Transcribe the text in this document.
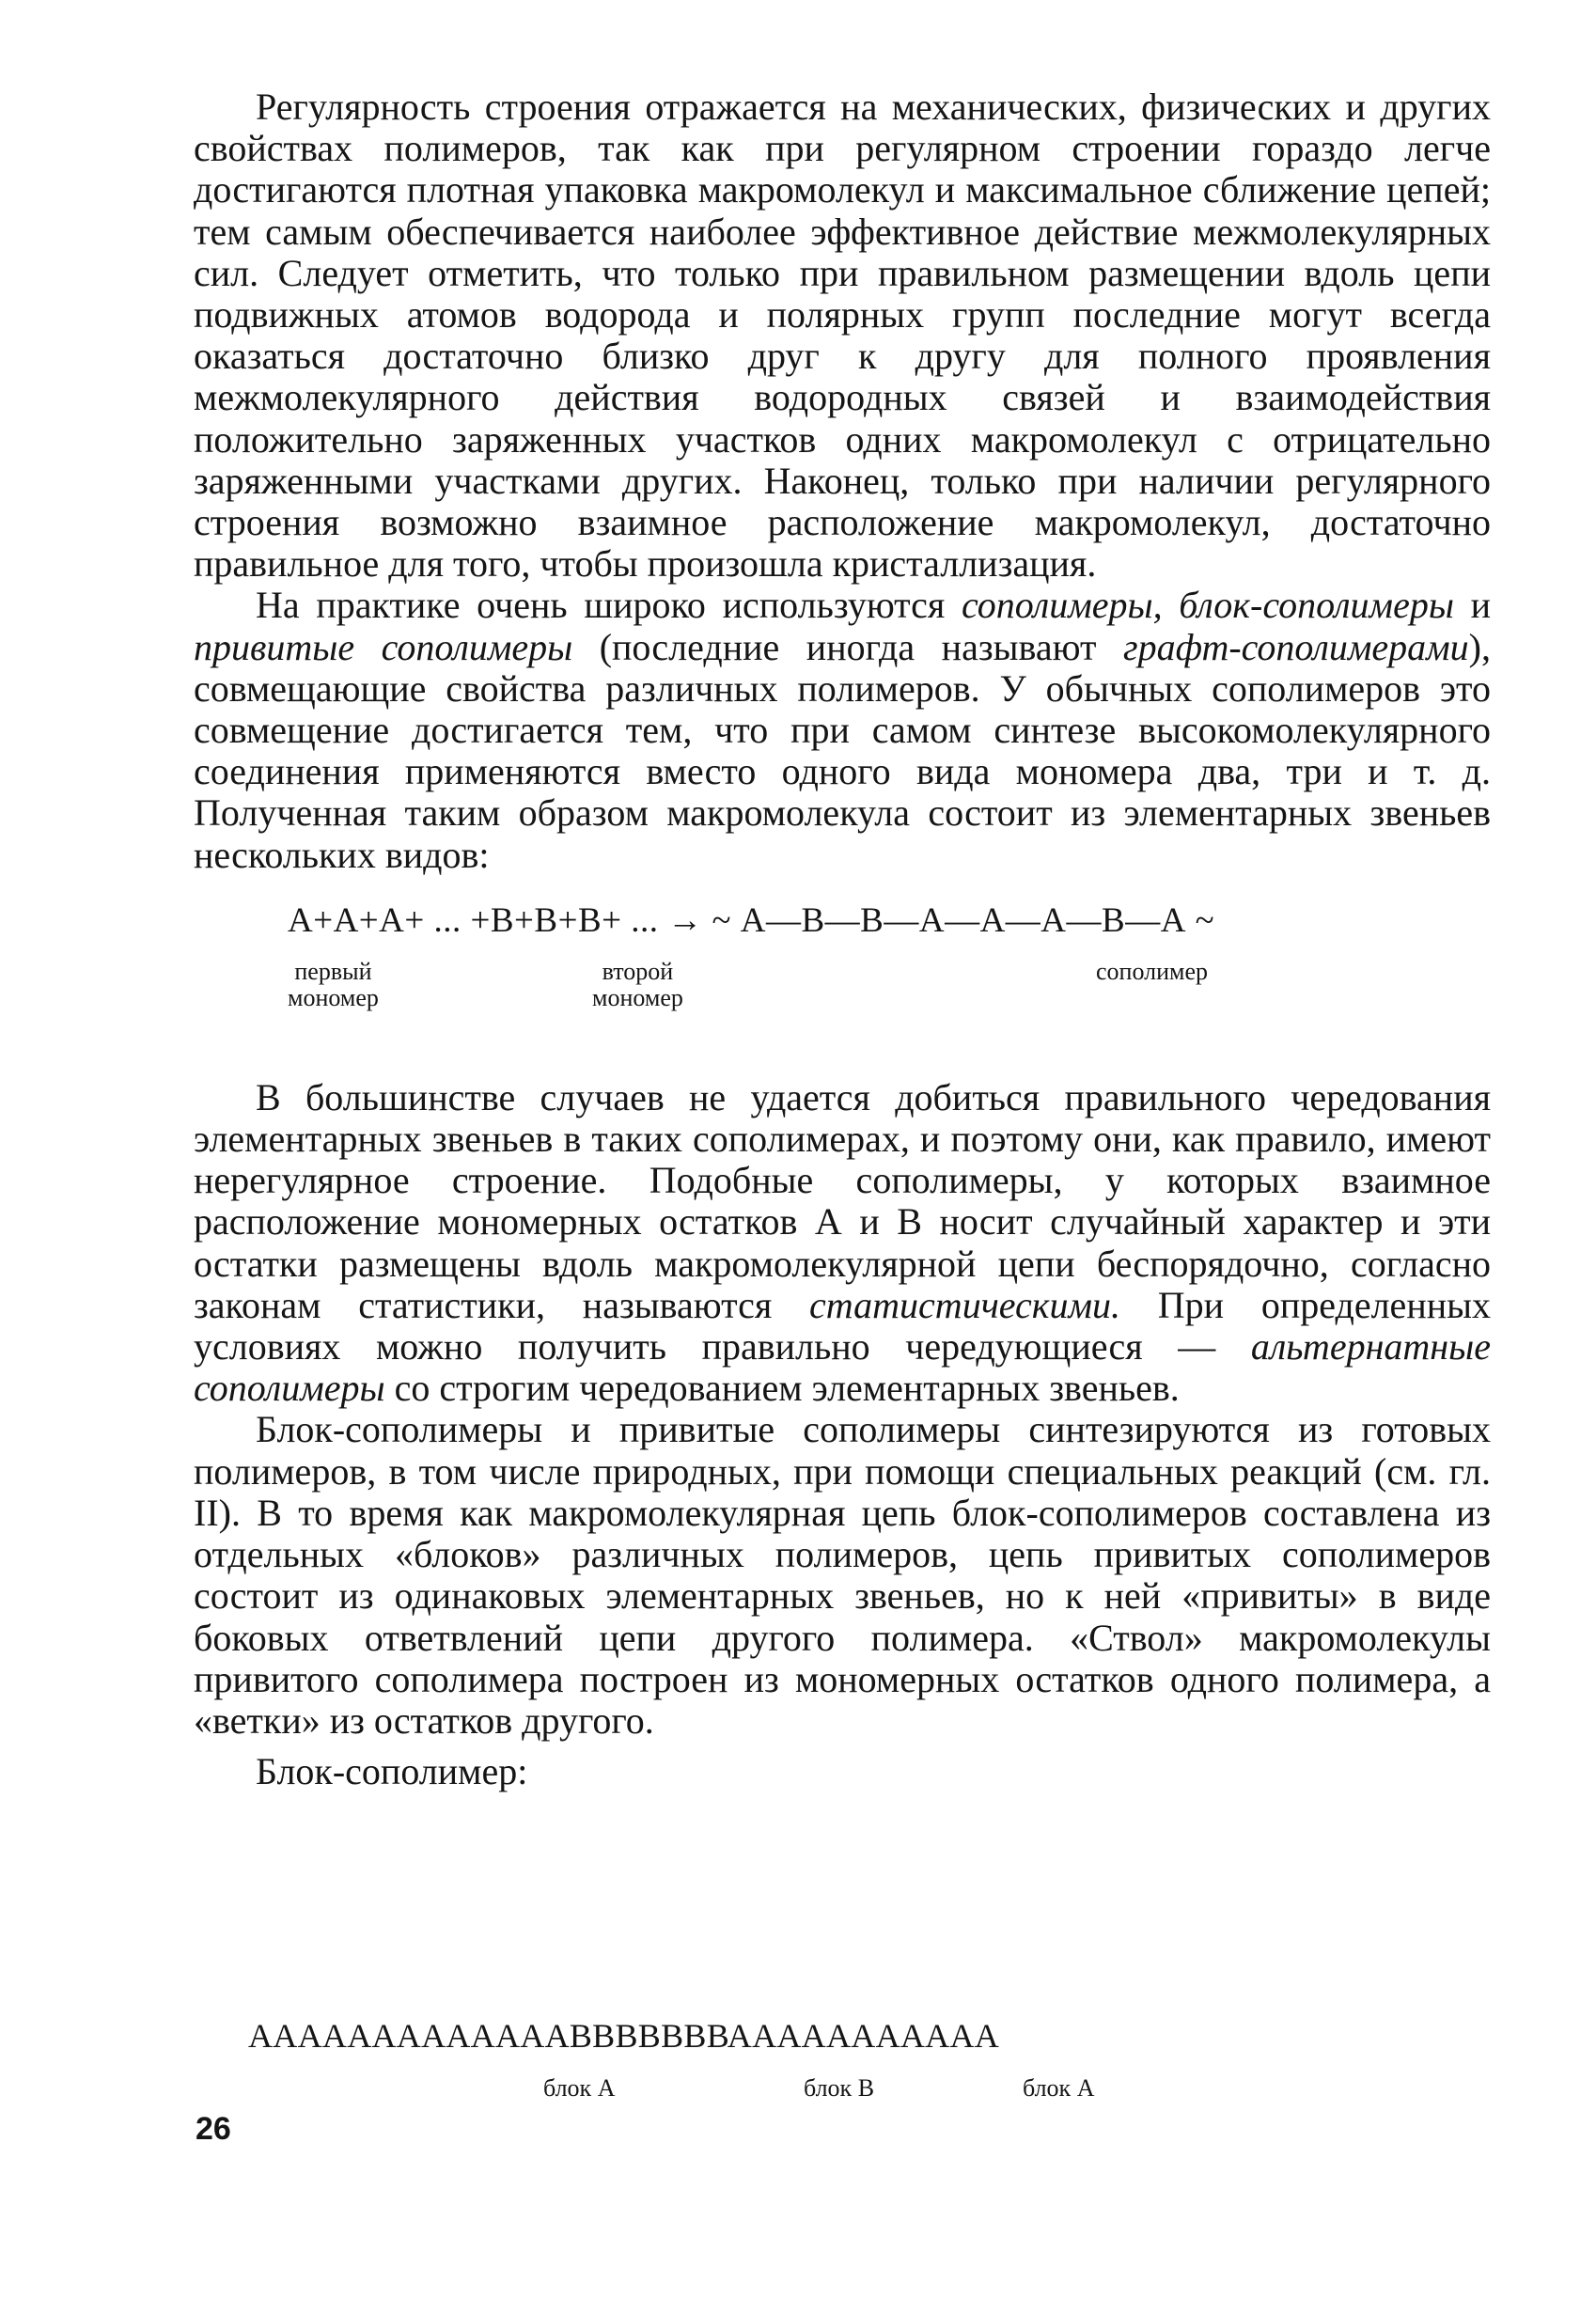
Регулярность строения отражается на механических, физических и других свойствах полимеров, так как при регулярном строении гораздо легче достигаются плотная упаковка макромолекул и максимальное сближение цепей; тем самым обеспечивается наиболее эффективное действие межмолекулярных сил. Следует отметить, что только при правильном размещении вдоль цепи подвижных атомов водорода и полярных групп последние могут всегда оказаться достаточно близко друг к другу для полного проявления межмолекулярного действия водородных связей и взаимодействия положительно заряженных участков одних макромолекул с отрицательно заряженными участками других. Наконец, только при наличии регулярного строения возможно взаимное расположение макромолекул, достаточно правильное для того, чтобы произошла кристаллизация.

На практике очень широко используются сополимеры, блок-сополимеры и привитые сополимеры (последние иногда называют графт-сополимерами), совмещающие свойства различных полимеров. У обычных сополимеров это совмещение достигается тем, что при самом синтезе высокомолекулярного соединения применяются вместо одного вида мономера два, три и т. д. Полученная таким образом макромолекула состоит из элементарных звеньев нескольких видов:

А+А+А+ ... +В+В+В+ ... → ~ А—В—В—А—А—А—В—А ~
первый
мономер
второй
мономер
сополимер

В большинстве случаев не удается добиться правильного чередования элементарных звеньев в таких сополимерах, и поэтому они, как правило, имеют нерегулярное строение. Подобные сополимеры, у которых взаимное расположение мономерных остатков А и В носит случайный характер и эти остатки размещены вдоль макромолекулярной цепи беспорядочно, согласно законам статистики, называются статистическими. При определенных условиях можно получить правильно чередующиеся — альтернатные сополимеры со строгим чередованием элементарных звеньев.

Блок-сополимеры и привитые сополимеры синтезируются из готовых полимеров, в том числе природных, при помощи специальных реакций (см. гл. II). В то время как макромолекулярная цепь блок-сополимеров составлена из отдельных «блоков» различных полимеров, цепь привитых сополимеров состоит из одинаковых элементарных звеньев, но к ней «привиты» в виде боковых ответвлений цепи другого полимера. «Ствол» макромолекулы привитого сополимера построен из мономерных остатков одного полимера, а «ветки» из остатков другого.

Блок-сополимер:
АААААААААААААВВВВВВВААААААААААА
блок А	блок В	блок А
26
